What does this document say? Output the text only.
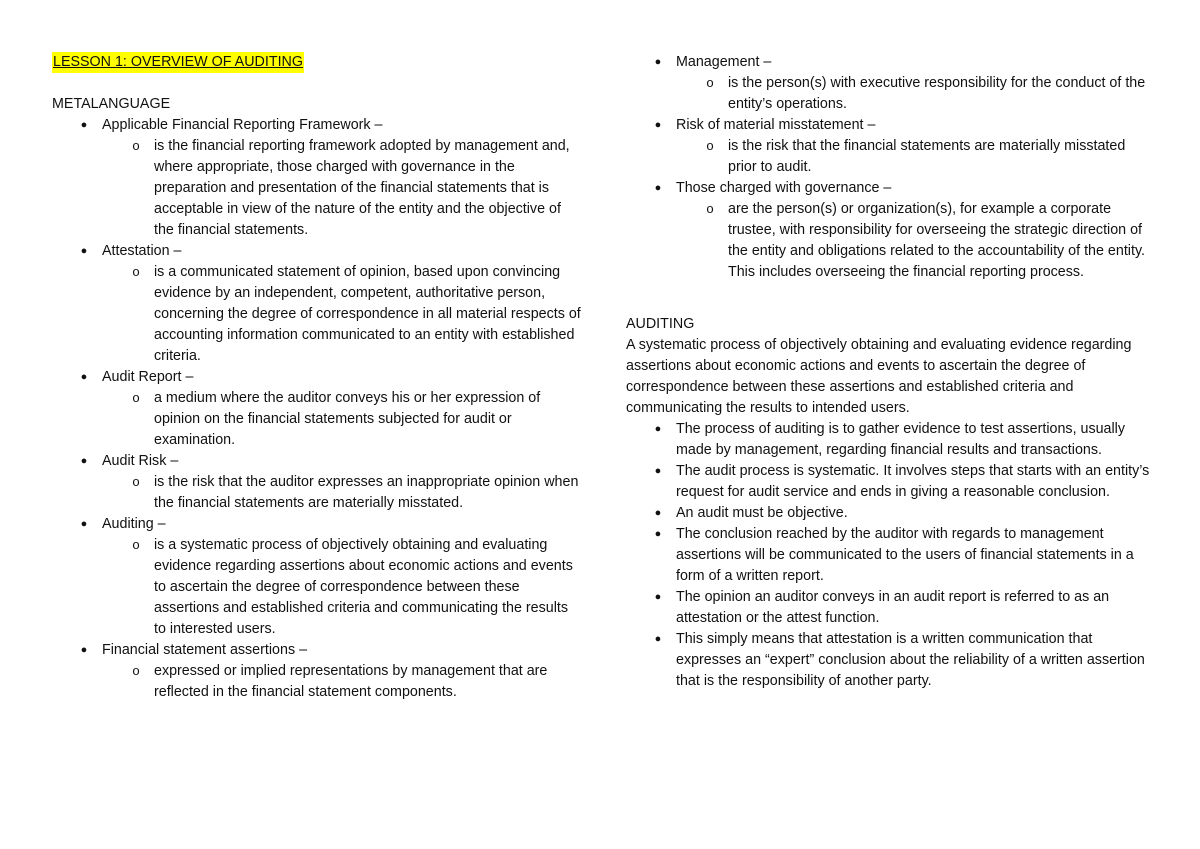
LESSON 1: OVERVIEW OF AUDITING
METALANGUAGE
● Applicable Financial Reporting Framework –
o is the financial reporting framework adopted by management and, where appropriate, those charged with governance in the preparation and presentation of the financial statements that is acceptable in view of the nature of the entity and the objective of the financial statements.
● Attestation –
o is a communicated statement of opinion, based upon convincing evidence by an independent, competent, authoritative person, concerning the degree of correspondence in all material respects of accounting information communicated to an entity with established criteria.
● Audit Report –
o a medium where the auditor conveys his or her expression of opinion on the financial statements subjected for audit or examination.
● Audit Risk –
o is the risk that the auditor expresses an inappropriate opinion when the financial statements are materially misstated.
● Auditing –
o is a systematic process of objectively obtaining and evaluating evidence regarding assertions about economic actions and events to ascertain the degree of correspondence between these assertions and established criteria and communicating the results to interested users.
● Financial statement assertions –
o expressed or implied representations by management that are reflected in the financial statement components.
● Management –
o is the person(s) with executive responsibility for the conduct of the entity’s operations.
● Risk of material misstatement –
o is the risk that the financial statements are materially misstated prior to audit.
● Those charged with governance –
o are the person(s) or organization(s), for example a corporate trustee, with responsibility for overseeing the strategic direction of the entity and obligations related to the accountability of the entity. This includes overseeing the financial reporting process.
AUDITING
A systematic process of objectively obtaining and evaluating evidence regarding assertions about economic actions and events to ascertain the degree of correspondence between these assertions and established criteria and communicating the results to intended users.
● The process of auditing is to gather evidence to test assertions, usually made by management, regarding financial results and transactions.
● The audit process is systematic. It involves steps that starts with an entity’s request for audit service and ends in giving a reasonable conclusion.
● An audit must be objective.
● The conclusion reached by the auditor with regards to management assertions will be communicated to the users of financial statements in a form of a written report.
● The opinion an auditor conveys in an audit report is referred to as an attestation or the attest function.
● This simply means that attestation is a written communication that expresses an “expert” conclusion about the reliability of a written assertion that is the responsibility of another party.
